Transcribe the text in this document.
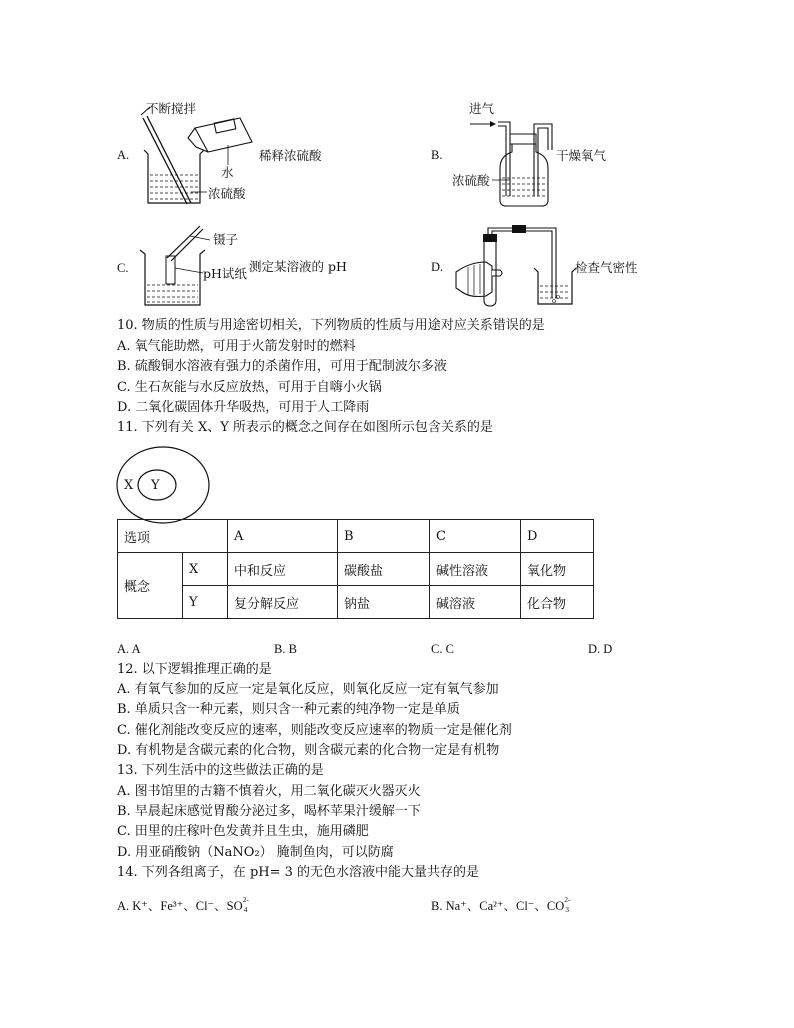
A.
不断搅拌
水
稀释浓硫酸
浓硫酸
B.
进气
干燥氧气
浓硫酸
C.
镊子
pH试纸 测定某溶液的 pH	D.	检查气密性
10. 物质的性质与用途密切相关，下列物质的性质与用途对应关系错误的是
A. 氧气能助燃，可用于火箭发射时的燃料
B. 硫酸铜水溶液有强力的杀菌作用，可用于配制波尔多液
C. 生石灰能与水反应放热，可用于自嗨小火锅
D. 二氧化碳固体升华吸热，可用于人工降雨
11. 下列有关 X、Y 所表示的概念之间存在如图所示包含关系的是
X Y
选项		A	B	C	D
概念	X	中和反应	碳酸盐	碱性溶液	氧化物
	Y	复分解反应	钠盐	碱溶液	化合物
A. A	B. B	C. C	D. D
12. 以下逻辑推理正确的是
A. 有氧气参加的反应一定是氧化反应，则氧化反应一定有氧气参加
B. 单质只含一种元素，则只含一种元素的纯净物一定是单质
C. 催化剂能改变反应的速率，则能改变反应速率的物质一定是催化剂
D. 有机物是含碳元素的化合物，则含碳元素的化合物一定是有机物
13. 下列生活中的这些做法正确的是
A. 图书馆里的古籍不慎着火，用二氧化碳灭火器灭火
B. 早晨起床感觉胃酸分泌过多，喝杯苹果汁缓解一下
C. 田里的庄稼叶色发黄并且生虫，施用磷肥
D. 用亚硝酸钠（NaNO₂） 腌制鱼肉，可以防腐
14. 下列各组离子，在 pH= 3 的无色水溶液中能大量共存的是
A. K⁺、Fe³⁺、Cl⁻、SO 2-
4	B. Na⁺、Ca²⁺、Cl⁻、CO 2-
3
